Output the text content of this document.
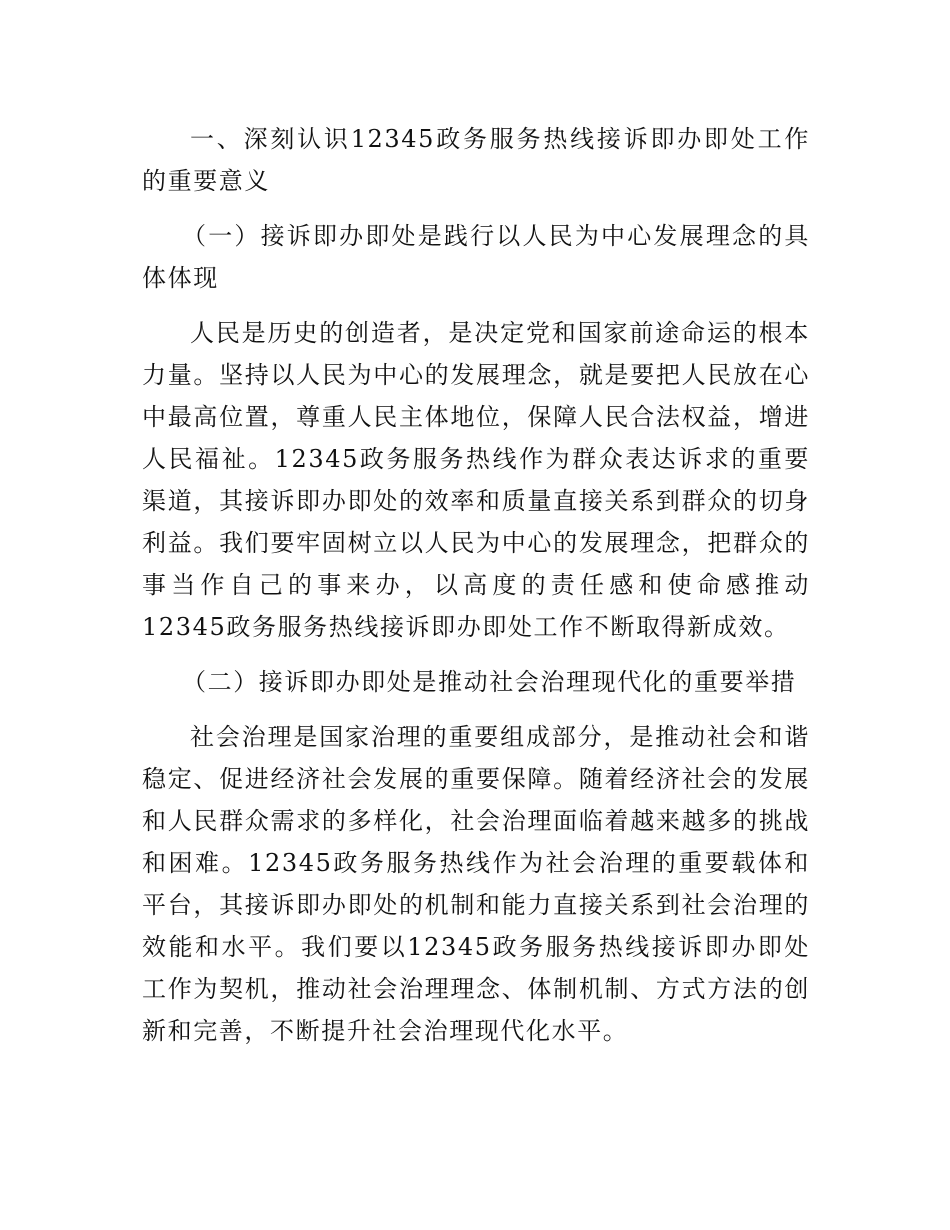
一、深刻认识12345政务服务热线接诉即办即处工作的重要意义

（一）接诉即办即处是践行以人民为中心发展理念的具体体现

人民是历史的创造者，是决定党和国家前途命运的根本力量。坚持以人民为中心的发展理念，就是要把人民放在心中最高位置，尊重人民主体地位，保障人民合法权益，增进人民福祉。12345政务服务热线作为群众表达诉求的重要渠道，其接诉即办即处的效率和质量直接关系到群众的切身利益。我们要牢固树立以人民为中心的发展理念，把群众的事当作自己的事来办，以高度的责任感和使命感推动12345政务服务热线接诉即办即处工作不断取得新成效。

（二）接诉即办即处是推动社会治理现代化的重要举措

社会治理是国家治理的重要组成部分，是推动社会和谐稳定、促进经济社会发展的重要保障。随着经济社会的发展和人民群众需求的多样化，社会治理面临着越来越多的挑战和困难。12345政务服务热线作为社会治理的重要载体和平台，其接诉即办即处的机制和能力直接关系到社会治理的效能和水平。我们要以12345政务服务热线接诉即办即处工作为契机，推动社会治理理念、体制机制、方式方法的创新和完善，不断提升社会治理现代化水平。
